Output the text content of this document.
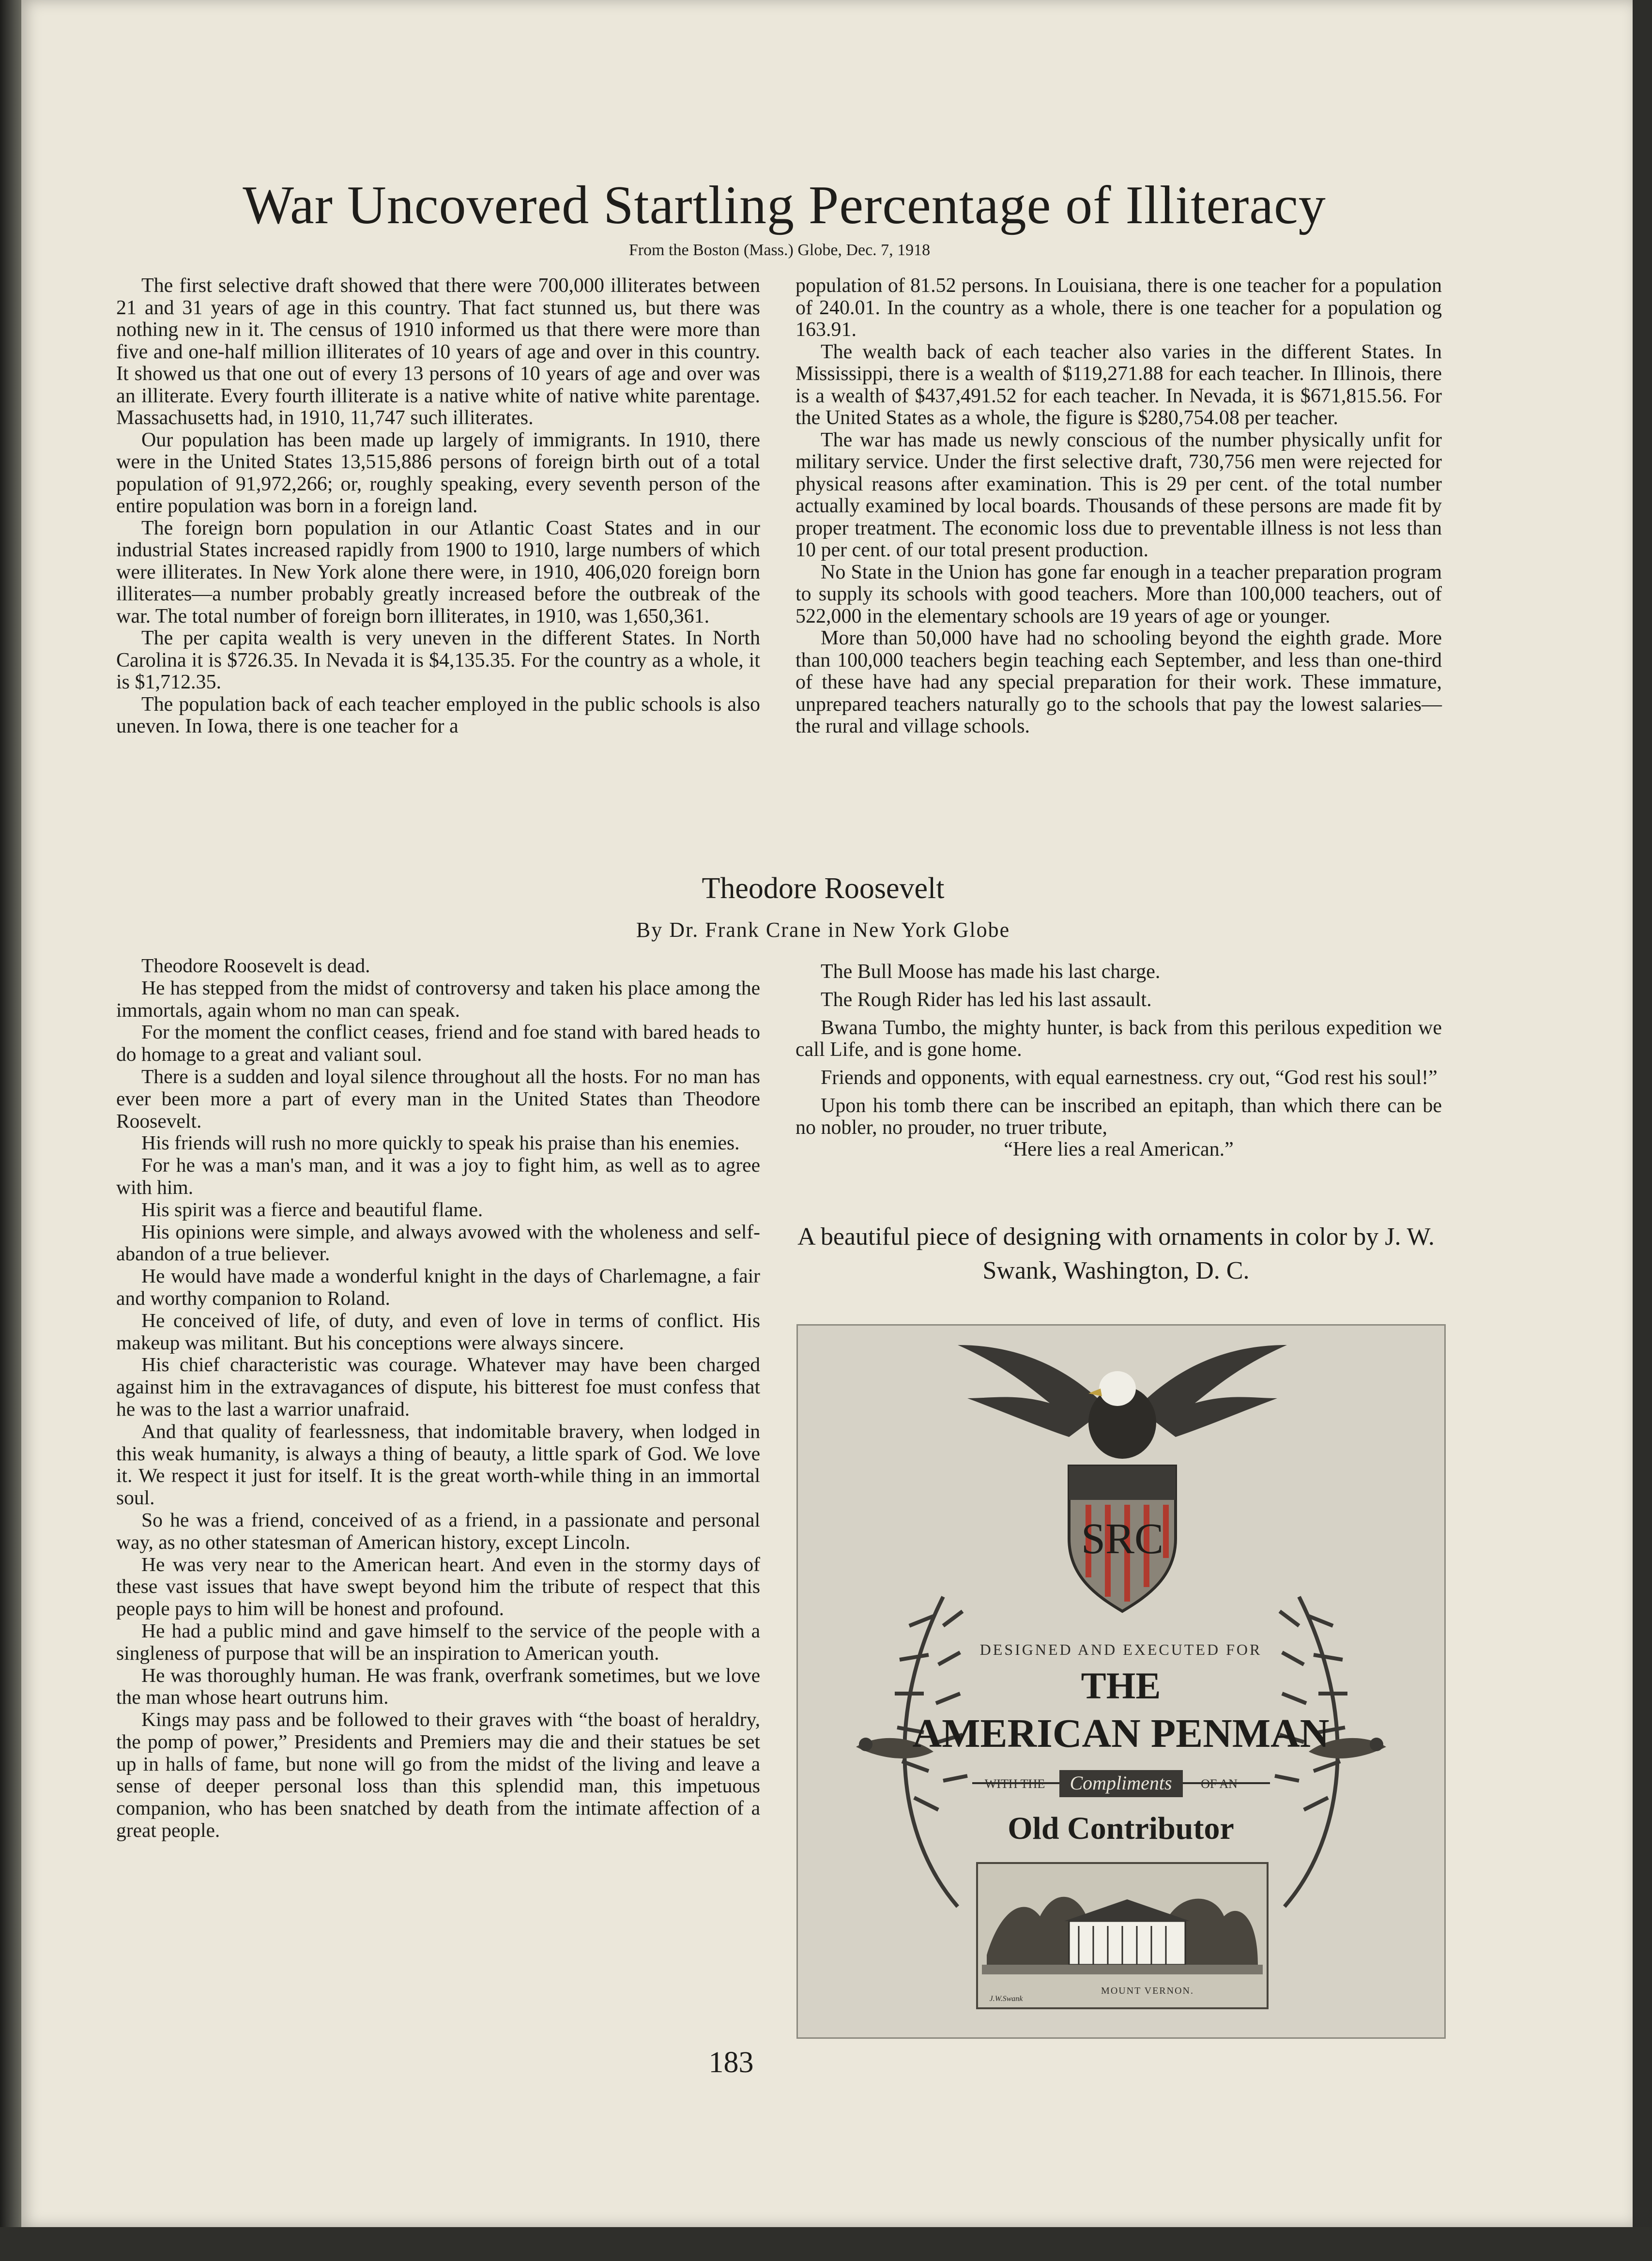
War Uncovered Startling Percentage of Illiteracy
From the Boston (Mass.) Globe, Dec. 7, 1918

The first selective draft showed that there were 700,000 illiterates between 21 and 31 years of age in this country. That fact stunned us, but there was nothing new in it. The census of 1910 informed us that there were more than five and one-half million illiterates of 10 years of age and over in this country. It showed us that one out of every 13 persons of 10 years of age and over was an illiterate. Every fourth illiterate is a native white of native white parentage. Massachusetts had, in 1910, 11,747 such illiterates.

Our population has been made up largely of immigrants. In 1910, there were in the United States 13,515,886 persons of foreign birth out of a total population of 91,972,266; or, roughly speaking, every seventh person of the entire population was born in a foreign land.

The foreign born population in our Atlantic Coast States and in our industrial States increased rapidly from 1900 to 1910, large numbers of which were illiterates. In New York alone there were, in 1910, 406,020 foreign born illiterates—a number probably greatly increased before the outbreak of the war. The total number of foreign born illiterates, in 1910, was 1,650,361.

The per capita wealth is very uneven in the different States. In North Carolina it is $726.35. In Nevada it is $4,135.35. For the country as a whole, it is $1,712.35.

The population back of each teacher employed in the public schools is also uneven. In Iowa, there is one teacher for a

population of 81.52 persons. In Louisiana, there is one teacher for a population of 240.01. In the country as a whole, there is one teacher for a population og 163.91.

The wealth back of each teacher also varies in the different States. In Mississippi, there is a wealth of $119,271.88 for each teacher. In Illinois, there is a wealth of $437,491.52 for each teacher. In Nevada, it is $671,815.56. For the United States as a whole, the figure is $280,754.08 per teacher.

The war has made us newly conscious of the number physically unfit for military service. Under the first selective draft, 730,756 men were rejected for physical reasons after examination. This is 29 per cent. of the total number actually examined by local boards. Thousands of these persons are made fit by proper treatment. The economic loss due to preventable illness is not less than 10 per cent. of our total present production.

No State in the Union has gone far enough in a teacher preparation program to supply its schools with good teachers. More than 100,000 teachers, out of 522,000 in the elementary schools are 19 years of age or younger.

More than 50,000 have had no schooling beyond the eighth grade. More than 100,000 teachers begin teaching each September, and less than one-third of these have had any special preparation for their work. These immature, unprepared teachers naturally go to the schools that pay the lowest salaries—the rural and village schools.

Theodore Roosevelt
By Dr. Frank Crane in New York Globe

Theodore Roosevelt is dead.

He has stepped from the midst of controversy and taken his place among the immortals, again whom no man can speak.

For the moment the conflict ceases, friend and foe stand with bared heads to do homage to a great and valiant soul.

There is a sudden and loyal silence throughout all the hosts. For no man has ever been more a part of every man in the United States than Theodore Roosevelt.

His friends will rush no more quickly to speak his praise than his enemies.

For he was a man's man, and it was a joy to fight him, as well as to agree with him.

His spirit was a fierce and beautiful flame.

His opinions were simple, and always avowed with the wholeness and self-abandon of a true believer.

He would have made a wonderful knight in the days of Charlemagne, a fair and worthy companion to Roland.

He conceived of life, of duty, and even of love in terms of conflict. His makeup was militant. But his conceptions were always sincere.

His chief characteristic was courage. Whatever may have been charged against him in the extravagances of dispute, his bitterest foe must confess that he was to the last a warrior unafraid.

And that quality of fearlessness, that indomitable bravery, when lodged in this weak humanity, is always a thing of beauty, a little spark of God. We love it. We respect it just for itself. It is the great worth-while thing in an immortal soul.

So he was a friend, conceived of as a friend, in a passionate and personal way, as no other statesman of American history, except Lincoln.

He was very near to the American heart. And even in the stormy days of these vast issues that have swept beyond him the tribute of respect that this people pays to him will be honest and profound.

He had a public mind and gave himself to the service of the people with a singleness of purpose that will be an inspiration to American youth.

He was thoroughly human. He was frank, overfrank sometimes, but we love the man whose heart outruns him.

Kings may pass and be followed to their graves with “the boast of heraldry, the pomp of power,” Presidents and Premiers may die and their statues be set up in halls of fame, but none will go from the midst of the living and leave a sense of deeper personal loss than this splendid man, this impetuous companion, who has been snatched by death from the intimate affection of a great people.

The Bull Moose has made his last charge.

The Rough Rider has led his last assault.

Bwana Tumbo, the mighty hunter, is back from this perilous expedition we call Life, and is gone home.

Friends and opponents, with equal earnestness. cry out, “God rest his soul!”

Upon his tomb there can be inscribed an epitaph, than which there can be no nobler, no prouder, no truer tribute,

“Here lies a real American.”

A beautiful piece of designing with ornaments in color by J. W. Swank, Washington, D. C.
SRC
DESIGNED AND EXECUTED FOR
THE
AMERICAN PENMAN
WITH THE Compliments OF AN
Old Contributor
MOUNT VERNON.
J.W.Swank
183
